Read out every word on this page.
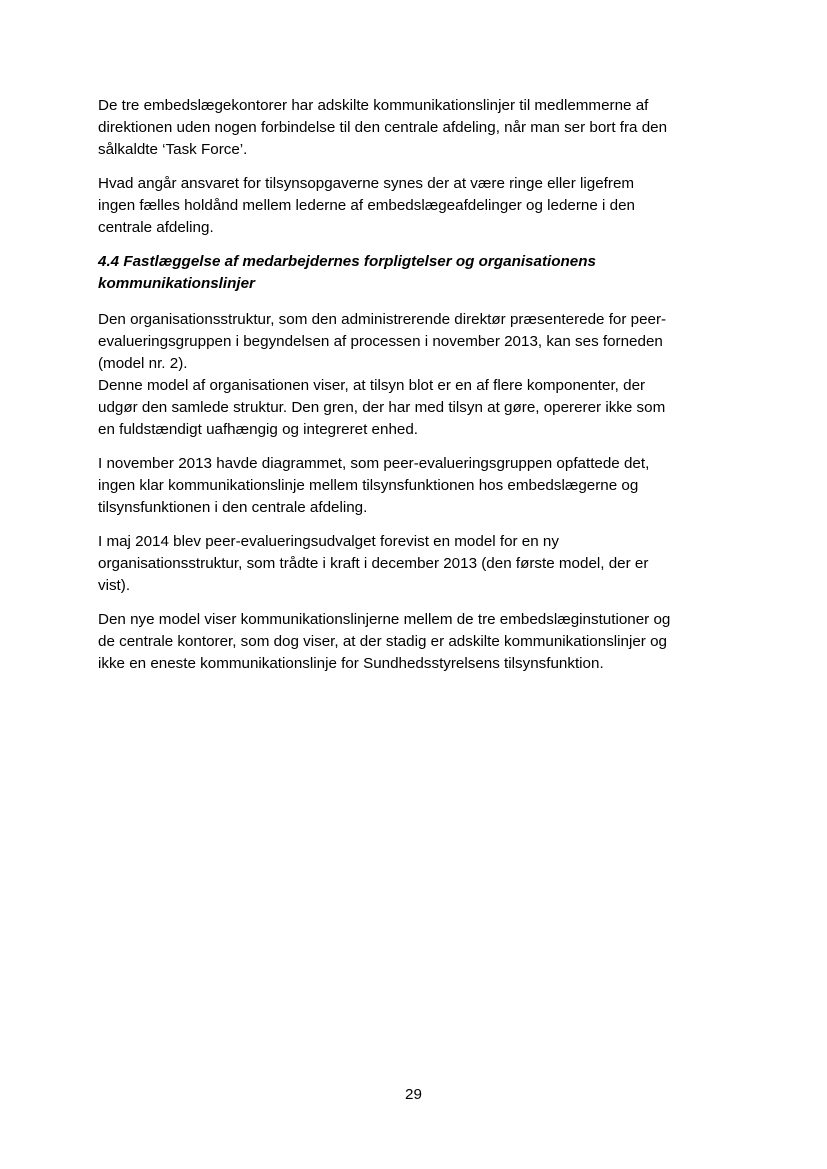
De tre embedslægekontorer har adskilte kommunikationslinjer til medlemmerne af
direktionen uden nogen forbindelse til den centrale afdeling, når man ser bort fra den
sålkaldte ‘Task Force’.

Hvad angår ansvaret for tilsynsopgaverne synes der at være ringe eller ligefrem
ingen fælles holdånd mellem lederne af embedslægeafdelinger og lederne i den
centrale afdeling.

4.4 Fastlæggelse af medarbejdernes forpligtelser og organisationens
kommunikationslinjer

Den organisationsstruktur, som den administrerende direktør præsenterede for peer-
evalueringsgruppen i begyndelsen af processen i november 2013, kan ses forneden
(model nr. 2).

Denne model af organisationen viser, at tilsyn blot er en af flere komponenter, der
udgør den samlede struktur. Den gren, der har med tilsyn at gøre, opererer ikke som
en fuldstændigt uafhængig og integreret enhed.

I november 2013 havde diagrammet, som peer-evalueringsgruppen opfattede det,
ingen klar kommunikationslinje mellem tilsynsfunktionen hos embedslægerne og
tilsynsfunktionen i den centrale afdeling.

I maj 2014 blev peer-evalueringsudvalget forevist en model for en ny
organisationsstruktur, som trådte i kraft i december 2013 (den første model, der er
vist).

Den nye model viser kommunikationslinjerne mellem de tre embedslæginstutioner og
de centrale kontorer, som dog viser, at der stadig er adskilte kommunikationslinjer og
ikke en eneste kommunikationslinje for Sundhedsstyrelsens tilsynsfunktion.

29
